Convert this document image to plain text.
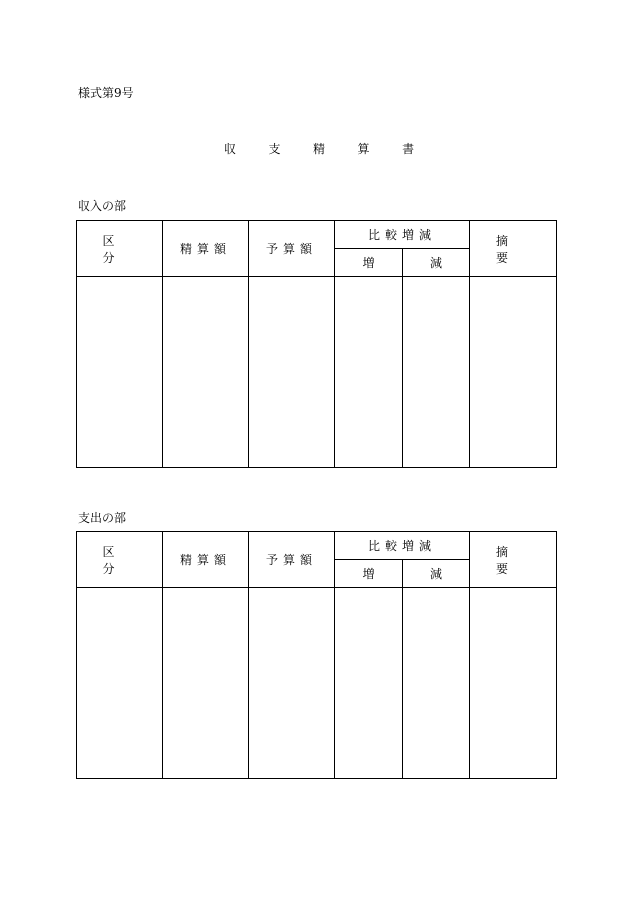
様式第9号
収	支	精	算	書
収入の部
区 分	精算額	予算額	比較増減		摘 要
			増	減	

支出の部
区 分	精算額	予算額	比較増減		摘 要
			増	減	
